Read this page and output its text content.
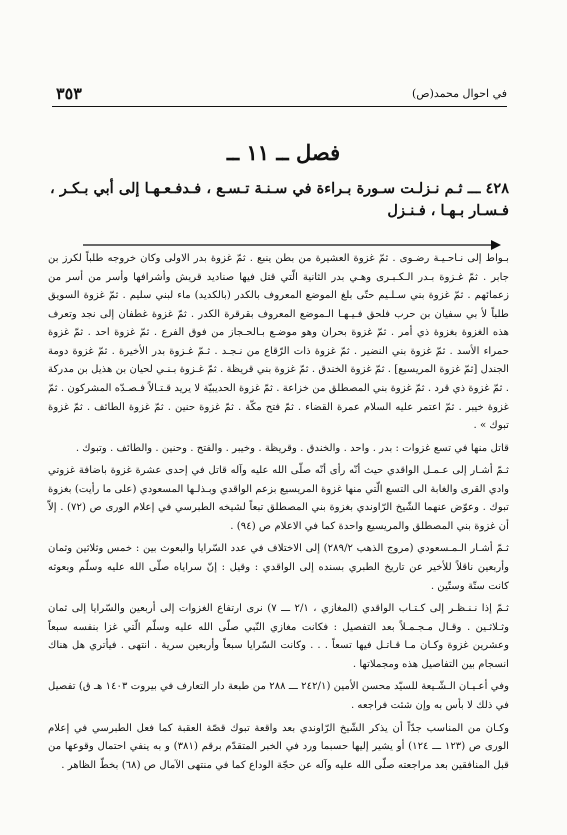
٣٥٣	في احوال محمد(ص)
فصل ــ ١١ ــ
٤٢٨ ـــ ثـم نـزلـت سـورة بـراءة في سـنـة تـسـع ، فـدفـعـهـا إلى أبي بـكـر ، فـسـار بـهـا ، فـنـزل

بـواط إلى نـاحـيـة رضـوى . ثمّ غزوة العشيرة من بطن ينبع . ثمّ غزوة بدر الاولى وكان خروجه طلباً لكرز بن جابر . ثمّ غـزوة بـدر الـكـبـرى وهـي بدر الثانية الّتي قتل فيها صناديد قريش وأشرافها وأسر من أسر من زعمائهم . ثمّ غزوة بني سـلـيم حتّى بلغ الموضع المعروف بالكدر (بالكديد) ماء لبني سليم . ثمّ غزوة السويق طلباً لأ بي سفيان بن حرب فلحق فـيـهـا الـموضع المعروف بقرقرة الكدر . ثمّ غزوة غطفان إلى نجد وتعرف هذه الغزوة بغزوة ذي أمر . ثمّ غزوة بحران وهو موضـع بـالحـجاز من فوق الفرع . ثمّ غزوة احد . ثمّ غزوة حمراء الأسد . ثمّ غزوة بني النضير . ثمّ غزوة ذات الرّقاع من نـجـد . ثـمّ غـزوة بدر الأخيرة . ثمّ غزوة دومة الجندل [ثمّ غزوة المريسيع] . ثمّ غزوة الخندق . ثمّ غزوة بني قريظة . ثمّ غـزوة بـنـي لحيان بن هذيل بن مدركة . ثمّ غزوة ذي قرد . ثمّ غزوة بني المصطلق من خزاعة . ثمّ غزوة الحديبيّة لا يريد قـتـالاً فـصـدّه المشركون . ثمّ غزوة خيبر . ثمّ اعتمر عليه السلام عمرة القضاء . ثمّ فتح مكّة . ثمّ غزوة حنين . ثمّ غزوة الطائف . ثمّ غزوة تبوك » .

قاتل منها في تسع غزوات : بدر . واحد . والخندق . وقريظة . وخيبر . والفتح . وحنين . والطائف . وتبوك .

ثـمّ أشـار إلى عـمـل الواقدي حيث أنّه رأى أنّه صلّى الله عليه وآله قاتل في إحدى عشرة غزوة باضافة غزوتي وادي القرى والغابة الى التسع الّتي منها غزوة المريسيع بزعم الواقدي وبـذلـها المسعودي (على ما رأيت) بغزوة تبوك . وعوّض عنهما الشّيخ الرّاوندي بغزوة بني المصطلق تبعاً لشيخه الطبرسي في إعلام الورى ص (٧٢) . إلاّ أن غزوة بني المصطلق والمريسيع واحدة كما في الاعلام ص (٩٤) .

ثـمّ أشـار الـمـسعودي (مروج الذهب ٢٨٩/٢) إلى الاختلاف في عدد السّرايا والبعوث بين : خمس وثلاثين وثمان وأربعين ناقلاً للأخير عن تاريخ الطبري بسنده إلى الواقدي : وقيل : إنّ سراياه صلّى الله عليه وسلّم وبعوثه كانت ستّة وستّين .

ثـمّ إذا نـنـظـر إلى كـتـاب الواقدي (المغازي ، ٢/١ ـــ ٧) نرى ارتفاع الغزوات إلى أربعين والسّرايا إلى ثمان وثـلاثـين . وقـال مـجـمـلاً بعد التفصيل : فكانت مغازي النّبي صلّى الله عليه وسلّم الّتي غزا بنفسه سبعاً وعشرين غزوة وكـان مـا قـاتـل فيها تسعاً . . . وكانت السّرايا سبعاً وأربعين سرية . انتهى . فيأتري هل هناك انسجام بين التفاصيل هذه ومجملاتها .

وفي أعـيـان الـشّـيعة للسيّد محسن الأمين (٢٤٢/١ ـــ ٢٨٨ من طبعة دار التعارف في بيروت ١٤٠٣ هـ ق) تفصيل في ذلك لا بأس به وإن شئت فراجعه .

وكـان من المناسب جدّاً أن يذكر الشّيخ الرّاوندي بعد واقعة تبوك قصّة العقبة كما فعل الطبرسي في إعلام الورى ص (١٢٣ ـــ ١٢٤) أو يشير إليها حسبما ورد في الخبر المتقدّم برقم (٣٨١) و به ينفي احتمال وقوعها من قبل المنافقين بعد مراجعته صلّى الله عليه وآله عن حجّة الوداع كما في منتهى الآمال ص (٦٨) بخطّ الظاهر .
